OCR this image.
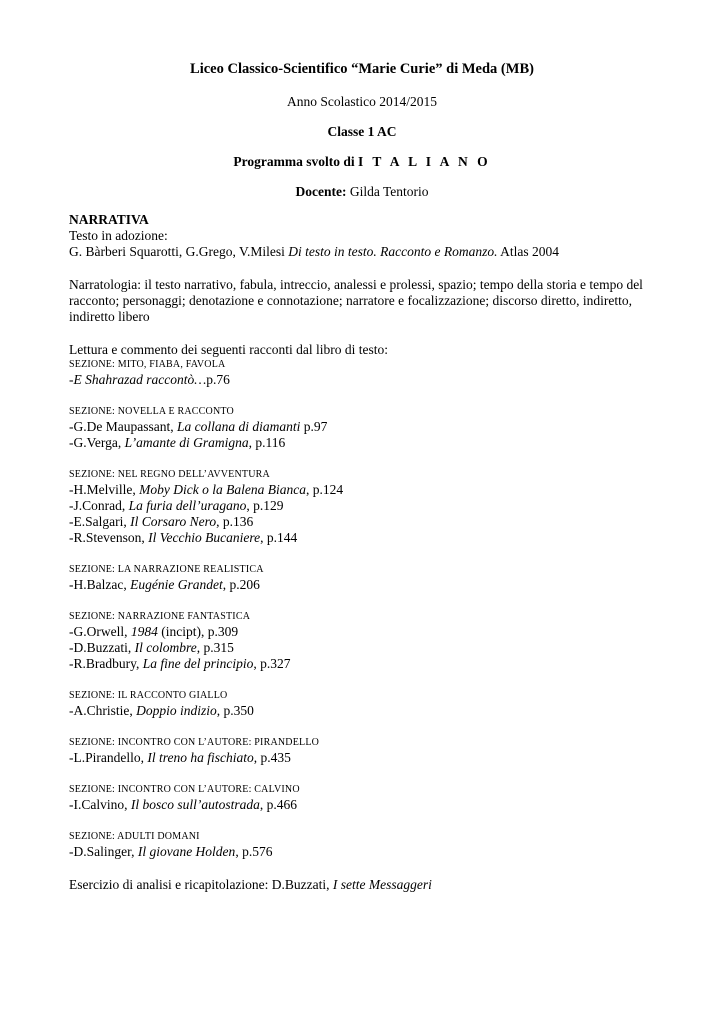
Liceo Classico-Scientifico “Marie Curie” di Meda (MB)
Anno Scolastico 2014/2015
Classe 1 AC
Programma svolto di I T A L I A N O
Docente: Gilda Tentorio

NARRATIVA

Testo in adozione:

G. Bàrberi Squarotti, G.Grego, V.Milesi Di testo in testo. Racconto e Romanzo. Atlas 2004

Narratologia: il testo narrativo, fabula, intreccio, analessi e prolessi, spazio; tempo della storia e tempo del racconto; personaggi; denotazione e connotazione; narratore e focalizzazione; discorso diretto, indiretto, indiretto libero

Lettura e commento dei seguenti racconti dal libro di testo:

SEZIONE: MITO, FIABA, FAVOLA

-E Shahrazad raccontò…p.76

SEZIONE: NOVELLA E RACCONTO

-G.De Maupassant, La collana di diamanti p.97

-G.Verga, L’amante di Gramigna, p.116

SEZIONE: NEL REGNO DELL’AVVENTURA

-H.Melville, Moby Dick o la Balena Bianca, p.124

-J.Conrad, La furia dell’uragano, p.129

-E.Salgari, Il Corsaro Nero, p.136

-R.Stevenson, Il Vecchio Bucaniere, p.144

SEZIONE: LA NARRAZIONE REALISTICA

-H.Balzac, Eugénie Grandet, p.206

SEZIONE: NARRAZIONE FANTASTICA

-G.Orwell, 1984 (incipt), p.309

-D.Buzzati, Il colombre, p.315

-R.Bradbury, La fine del principio, p.327

SEZIONE: IL RACCONTO GIALLO

-A.Christie, Doppio indizio, p.350

SEZIONE: INCONTRO CON L’AUTORE: PIRANDELLO

-L.Pirandello, Il treno ha fischiato, p.435

SEZIONE: INCONTRO CON L’AUTORE: CALVINO

-I.Calvino, Il bosco sull’autostrada, p.466

SEZIONE: ADULTI DOMANI

-D.Salinger, Il giovane Holden, p.576

Esercizio di analisi e ricapitolazione: D.Buzzati, I sette Messaggeri
